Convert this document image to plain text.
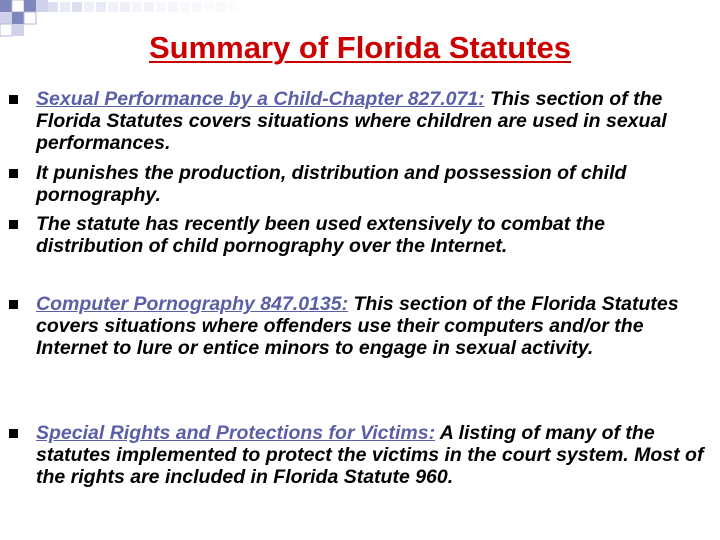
Summary of Florida Statutes
Sexual Performance by a Child-Chapter 827.071: This section of the Florida Statutes covers situations where children are used in sexual performances.
It punishes the production, distribution and possession of child pornography.
The statute has recently been used extensively to combat the distribution of child pornography over the Internet.
Computer Pornography 847.0135: This section of the Florida Statutes covers situations where offenders use their computers and/or the Internet to lure or entice minors to engage in sexual activity.
Special Rights and Protections for Victims: A listing of many of the statutes implemented to protect the victims in the court system. Most of the rights are included in Florida Statute 960.
